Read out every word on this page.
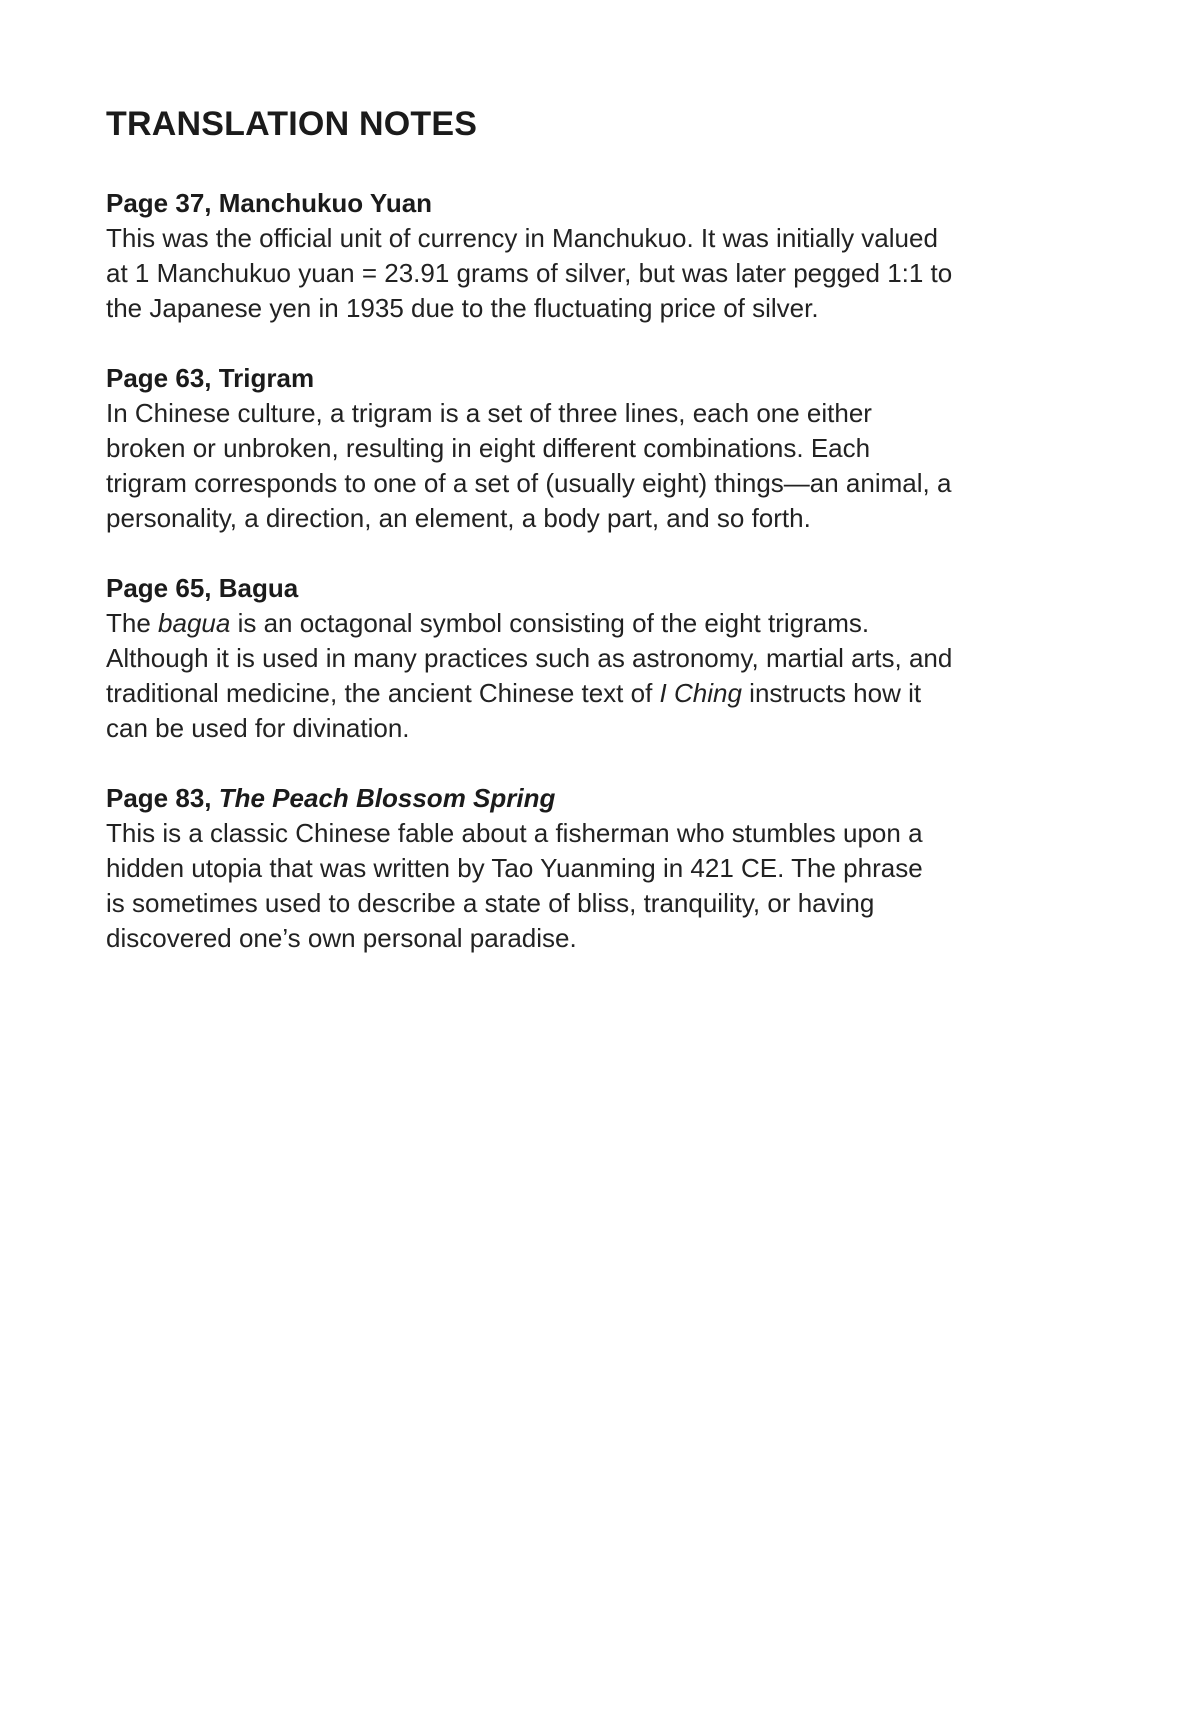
TRANSLATION NOTES
Page 37, Manchukuo Yuan

This was the official unit of currency in Manchukuo. It was initially valued
at 1 Manchukuo yuan = 23.91 grams of silver, but was later pegged 1:1 to
the Japanese yen in 1935 due to the fluctuating price of silver.

Page 63, Trigram

In Chinese culture, a trigram is a set of three lines, each one either
broken or unbroken, resulting in eight different combinations. Each
trigram corresponds to one of a set of (usually eight) things—an animal, a
personality, a direction, an element, a body part, and so forth.

Page 65, Bagua

The bagua is an octagonal symbol consisting of the eight trigrams.
Although it is used in many practices such as astronomy, martial arts, and
traditional medicine, the ancient Chinese text of I Ching instructs how it
can be used for divination.

Page 83, The Peach Blossom Spring

This is a classic Chinese fable about a fisherman who stumbles upon a
hidden utopia that was written by Tao Yuanming in 421 CE. The phrase
is sometimes used to describe a state of bliss, tranquility, or having
discovered one’s own personal paradise.
